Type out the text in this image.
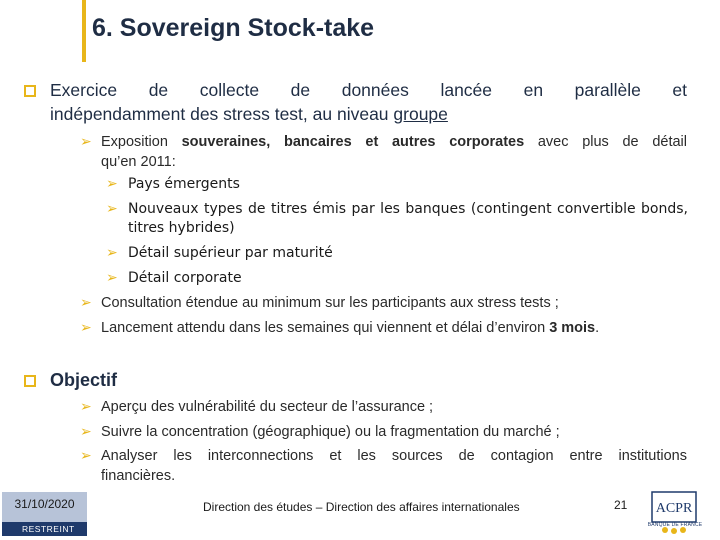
6. Sovereign Stock-take
Exercice de collecte de données lancée en parallèle et
indépendamment des stress test, au niveau groupe
➢ Exposition souveraines, bancaires et autres corporates avec plus de détail
qu’en 2011:
➢ Pays émergents
➢ Nouveaux types de titres émis par les banques (contingent convertible bonds,
titres hybrides)
➢ Détail supérieur par maturité
➢ Détail corporate
➢ Consultation étendue au minimum sur les participants aux stress tests ;
➢ Lancement attendu dans les semaines qui viennent et délai d’environ 3 mois.
Objectif
➢ Aperçu des vulnérabilité du secteur de l’assurance ;
➢ Suivre la concentration (géographique) ou la fragmentation du marché ;
➢ Analyser les interconnections et les sources de contagion entre institutions
financières.
31/10/2020
RESTREINT
Direction des études – Direction des affaires internationales	21 ACPR
BANQUE DE FRANCE
